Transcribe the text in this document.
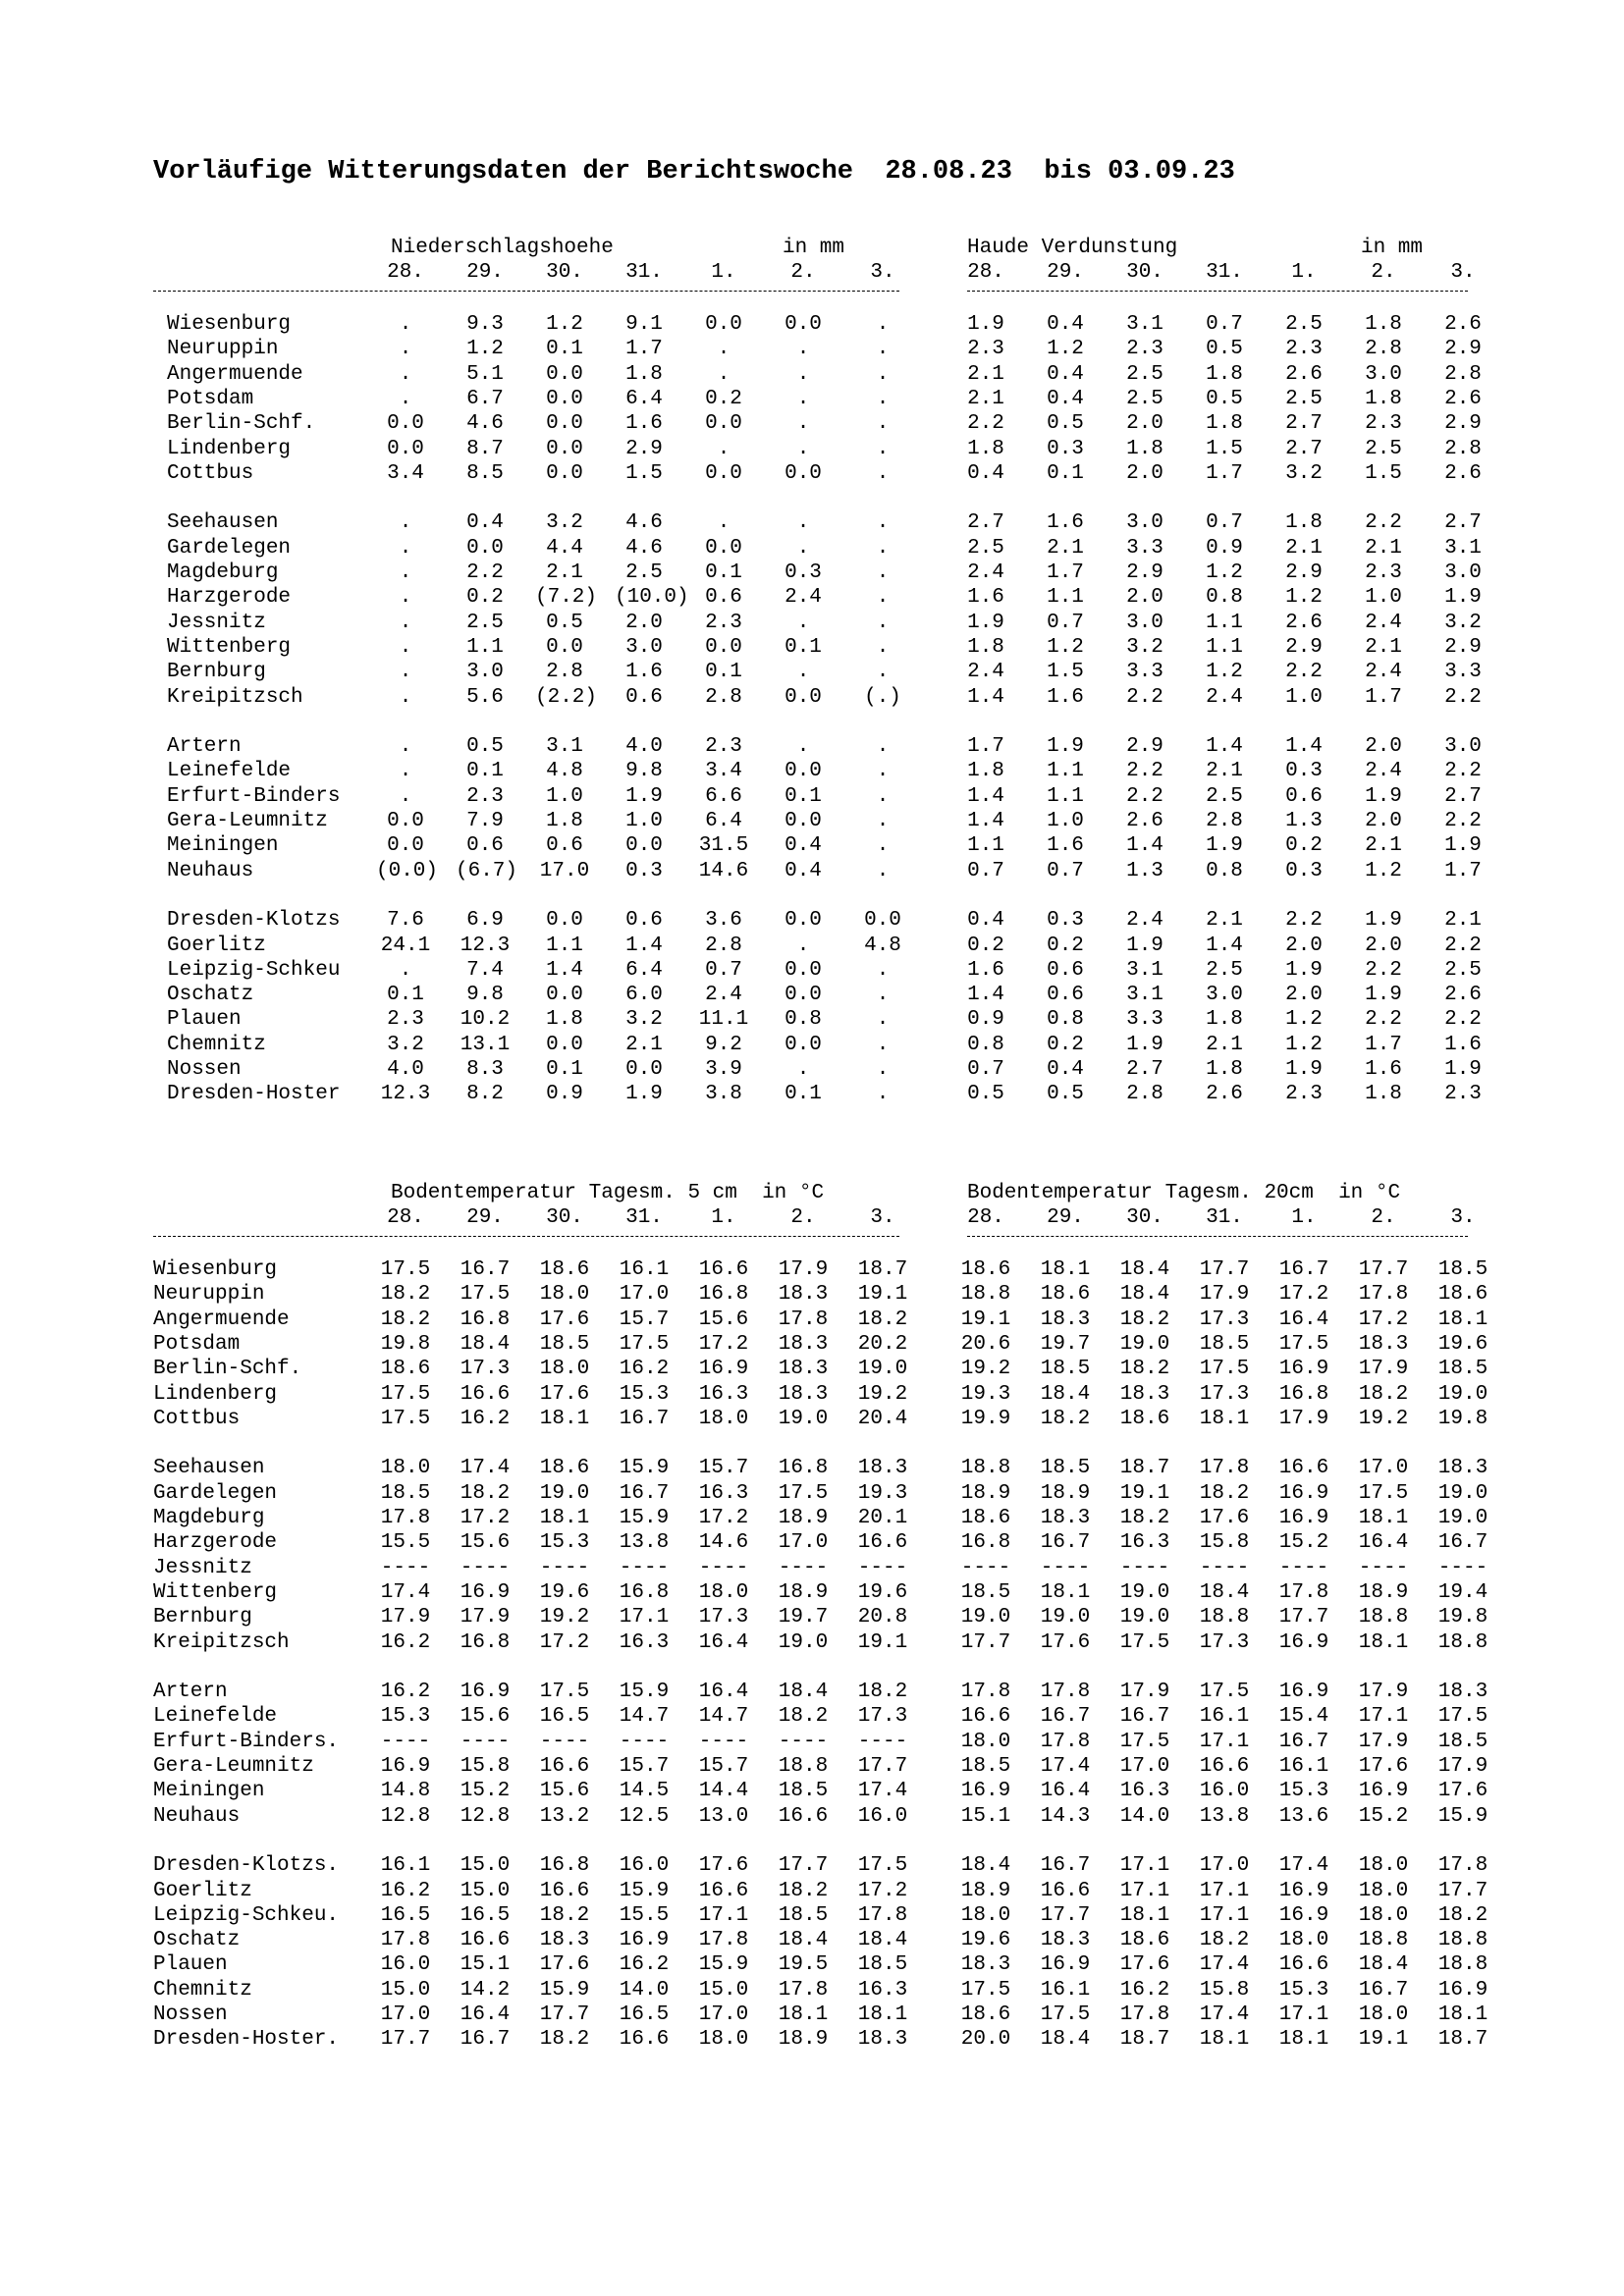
Vorläufige Witterungsdaten der Berichtswoche  28.08.23  bis 03.09.23

Niederschlagshoehe

	in mm

	Haude Verdunstung

	in mm

28.	29.	30.	31.	1.	2.	3.	28.	29.	30.	31.	1.	2.	3.
Wiesenburg	.	9.3	1.2	9.1	0.0	0.0	.	1.9	0.4	3.1	0.7	2.5	1.8	2.6
Neuruppin	.	1.2	0.1	1.7	.	.	.	2.3	1.2	2.3	0.5	2.3	2.8	2.9
Angermuende	.	5.1	0.0	1.8	.	.	.	2.1	0.4	2.5	1.8	2.6	3.0	2.8
Potsdam	.	6.7	0.0	6.4	0.2	.	.	2.1	0.4	2.5	0.5	2.5	1.8	2.6
Berlin-Schf.	0.0	4.6	0.0	1.6	0.0	.	.	2.2	0.5	2.0	1.8	2.7	2.3	2.9
Lindenberg	0.0	8.7	0.0	2.9	.	.	.	1.8	0.3	1.8	1.5	2.7	2.5	2.8
Cottbus	3.4	8.5	0.0	1.5	0.0	0.0	.	0.4	0.1	2.0	1.7	3.2	1.5	2.6
Seehausen	.	0.4	3.2	4.6	.	.	.	2.7	1.6	3.0	0.7	1.8	2.2	2.7
Gardelegen	.	0.0	4.4	4.6	0.0	.	.	2.5	2.1	3.3	0.9	2.1	2.1	3.1
Magdeburg	.	2.2	2.1	2.5	0.1	0.3	.	2.4	1.7	2.9	1.2	2.9	2.3	3.0
Harzgerode	.	0.2	(7.2) (10.0) 0.6	2.4	.	1.6	1.1	2.0	0.8	1.2	1.0	1.9
Jessnitz	.	2.5	0.5	2.0	2.3	.	.	1.9	0.7	3.0	1.1	2.6	2.4	3.2
Wittenberg	.	1.1	0.0	3.0	0.0	0.1	.	1.8	1.2	3.2	1.1	2.9	2.1	2.9
Bernburg	.	3.0	2.8	1.6	0.1	.	.	2.4	1.5	3.3	1.2	2.2	2.4	3.3
Kreipitzsch	.	5.6	(2.2)	0.6	2.8	0.0	(.)	1.4	1.6	2.2	2.4	1.0	1.7	2.2
Artern	.	0.5	3.1	4.0	2.3	.	.	1.7	1.9	2.9	1.4	1.4	2.0	3.0
Leinefelde	.	0.1	4.8	9.8	3.4	0.0	.	1.8	1.1	2.2	2.1	0.3	2.4	2.2
Erfurt-Binders	.	2.3	1.0	1.9	6.6	0.1	.	1.4	1.1	2.2	2.5	0.6	1.9	2.7
Gera-Leumnitz	0.0	7.9	1.8	1.0	6.4	0.0	.	1.4	1.0	2.6	2.8	1.3	2.0	2.2
Meiningen	0.0	0.6	0.6	0.0	31.5	0.4	.	1.1	1.6	1.4	1.9	0.2	2.1	1.9
Neuhaus	(0.0) (6.7) 17.0	0.3	14.6	0.4	.	0.7	0.7	1.3	0.8	0.3	1.2	1.7
Dresden-Klotzs	7.6	6.9	0.0	0.6	3.6	0.0	0.0	0.4	0.3	2.4	2.1	2.2	1.9	2.1
Goerlitz	24.1 12.3	1.1	1.4	2.8	.	4.8	0.2	0.2	1.9	1.4	2.0	2.0	2.2
Leipzig-Schkeu	.	7.4	1.4	6.4	0.7	0.0	.	1.6	0.6	3.1	2.5	1.9	2.2	2.5
Oschatz	0.1	9.8	0.0	6.0	2.4	0.0	.	1.4	0.6	3.1	3.0	2.0	1.9	2.6
Plauen	2.3	10.2	1.8	3.2	11.1	0.8	.	0.9	0.8	3.3	1.8	1.2	2.2	2.2
Chemnitz	3.2	13.1	0.0	2.1	9.2	0.0	.	0.8	0.2	1.9	2.1	1.2	1.7	1.6
Nossen	4.0	8.3	0.1	0.0	3.9	.	.	0.7	0.4	2.7	1.8	1.9	1.6	1.9
Dresden-Hoster	12.3	8.2	0.9	1.9	3.8	0.1	.	0.5	0.5	2.8	2.6	2.3	1.8	2.3

Bodentemperatur Tagesm. 5 cm in °C

	Bodentemperatur Tagesm. 20cm in °C

28.	29.	30.	31.	1.	2.	3.	28.	29.	30.	31.	1.	2.	3.
Wiesenburg	17.5 16.7 18.6 16.1 16.6 17.9 18.7	18.6 18.1 18.4 17.7 16.7 17.7 18.5
Neuruppin	18.2 17.5 18.0 17.0 16.8 18.3 19.1	18.8 18.6 18.4 17.9 17.2 17.8 18.6
Angermuende	18.2 16.8 17.6 15.7 15.6 17.8 18.2	19.1 18.3 18.2 17.3 16.4 17.2 18.1
Potsdam	19.8 18.4 18.5 17.5 17.2 18.3 20.2	20.6 19.7 19.0 18.5 17.5 18.3 19.6
Berlin-Schf.	18.6 17.3 18.0 16.2 16.9 18.3 19.0	19.2 18.5 18.2 17.5 16.9 17.9 18.5
Lindenberg	17.5 16.6 17.6 15.3 16.3 18.3 19.2	19.3 18.4 18.3 17.3 16.8 18.2 19.0
Cottbus	17.5 16.2 18.1 16.7 18.0 19.0 20.4	19.9 18.2 18.6 18.1 17.9 19.2 19.8
Seehausen	18.0 17.4 18.6 15.9 15.7 16.8 18.3	18.8 18.5 18.7 17.8 16.6 17.0 18.3
Gardelegen	18.5 18.2 19.0 16.7 16.3 17.5 19.3	18.9 18.9 19.1 18.2 16.9 17.5 19.0
Magdeburg	17.8 17.2 18.1 15.9 17.2 18.9 20.1	18.6 18.3 18.2 17.6 16.9 18.1 19.0
Harzgerode	15.5 15.6 15.3 13.8 14.6 17.0 16.6	16.8 16.7 16.3 15.8 15.2 16.4 16.7
Jessnitz	---- ---- ---- ---- ---- ---- ----	---- ---- ---- ---- ---- ---- ----
Wittenberg	17.4 16.9 19.6 16.8 18.0 18.9 19.6	18.5 18.1 19.0 18.4 17.8 18.9 19.4
Bernburg	17.9 17.9 19.2 17.1 17.3 19.7 20.8	19.0 19.0 19.0 18.8 17.7 18.8 19.8
Kreipitzsch	16.2 16.8 17.2 16.3 16.4 19.0 19.1	17.7 17.6 17.5 17.3 16.9 18.1 18.8
Artern	16.2 16.9 17.5 15.9 16.4 18.4 18.2	17.8 17.8 17.9 17.5 16.9 17.9 18.3
Leinefelde	15.3 15.6 16.5 14.7 14.7 18.2 17.3	16.6 16.7 16.7 16.1 15.4 17.1 17.5
Erfurt-Binders.	---- ---- ---- ---- ---- ---- ----	18.0 17.8 17.5 17.1 16.7 17.9 18.5
Gera-Leumnitz	16.9 15.8 16.6 15.7 15.7 18.8 17.7	18.5 17.4 17.0 16.6 16.1 17.6 17.9
Meiningen	14.8 15.2 15.6 14.5 14.4 18.5 17.4	16.9 16.4 16.3 16.0 15.3 16.9 17.6
Neuhaus	12.8 12.8 13.2 12.5 13.0 16.6 16.0	15.1 14.3 14.0 13.8 13.6 15.2 15.9
Dresden-Klotzs.	16.1 15.0 16.8 16.0 17.6 17.7 17.5	18.4 16.7 17.1 17.0 17.4 18.0 17.8
Goerlitz	16.2 15.0 16.6 15.9 16.6 18.2 17.2	18.9 16.6 17.1 17.1 16.9 18.0 17.7
Leipzig-Schkeu.	16.5 16.5 18.2 15.5 17.1 18.5 17.8	18.0 17.7 18.1 17.1 16.9 18.0 18.2
Oschatz	17.8 16.6 18.3 16.9 17.8 18.4 18.4	19.6 18.3 18.6 18.2 18.0 18.8 18.8
Plauen	16.0 15.1 17.6 16.2 15.9 19.5 18.5	18.3 16.9 17.6 17.4 16.6 18.4 18.8
Chemnitz	15.0 14.2 15.9 14.0 15.0 17.8 16.3	17.5 16.1 16.2 15.8 15.3 16.7 16.9
Nossen	17.0 16.4 17.7 16.5 17.0 18.1 18.1	18.6 17.5 17.8 17.4 17.1 18.0 18.1
Dresden-Hoster.	17.7 16.7 18.2 16.6 18.0 18.9 18.3	20.0 18.4 18.7 18.1 18.1 19.1 18.7
